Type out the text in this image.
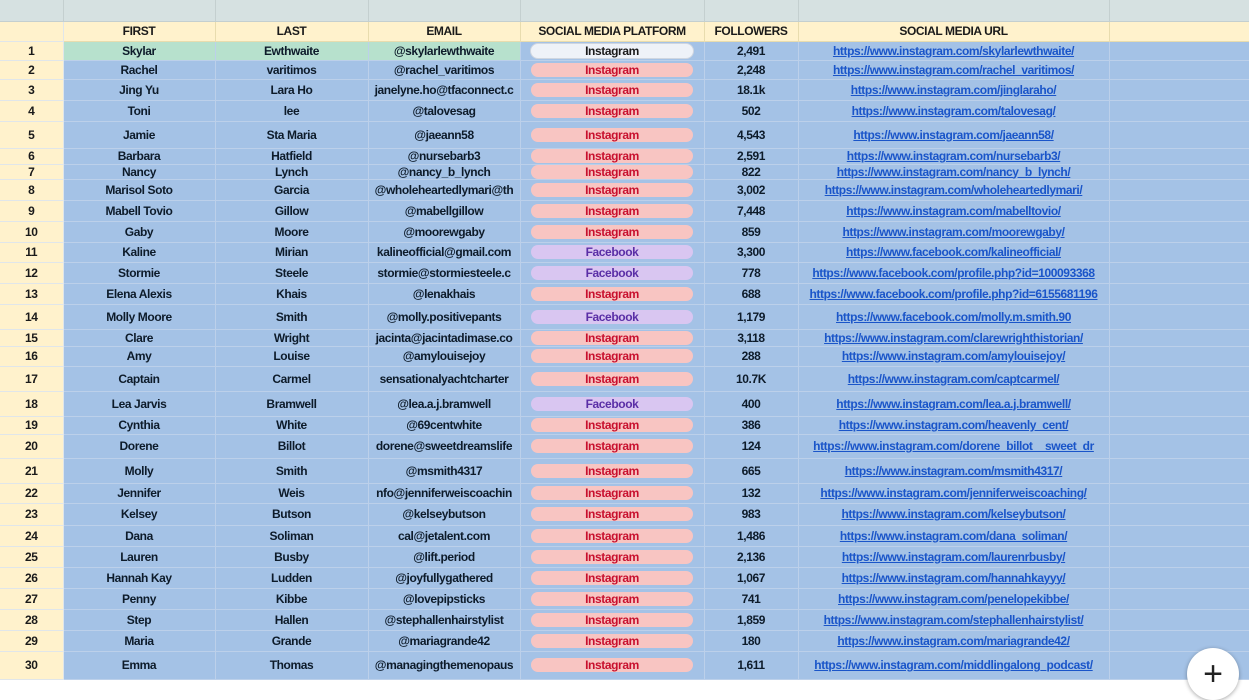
	FIRST	LAST	EMAIL	SOCIAL MEDIA PLATFORM	FOLLOWERS	SOCIAL MEDIA URL	
1	Skylar	Ewthwaite	@skylarlewthwaite	Instagram	2,491	https://www.instagram.com/skylarlewthwaite/	
2	Rachel	varitimos	@rachel_varitimos	Instagram	2,248	https://www.instagram.com/rachel_varitimos/	
3	Jing Yu	Lara Ho	janelyne.ho@tfaconnect.c	Instagram	18.1k	https://www.instagram.com/jinglaraho/	
4	Toni	lee	@talovesag	Instagram	502	https://www.instagram.com/talovesag/	
5	Jamie	Sta Maria	@jaeann58	Instagram	4,543	https://www.instagram.com/jaeann58/	
6	Barbara	Hatfield	@nursebarb3	Instagram	2,591	https://www.instagram.com/nursebarb3/	
7	Nancy	Lynch	@nancy_b_lynch	Instagram	822	https://www.instagram.com/nancy_b_lynch/	
8	Marisol Soto	Garcia	@wholeheartedlymari@th	Instagram	3,002	https://www.instagram.com/wholeheartedlymari/	
9	Mabell Tovio	Gillow	@mabellgillow	Instagram	7,448	https://www.instagram.com/mabelltovio/	
10	Gaby	Moore	@moorewgaby	Instagram	859	https://www.instagram.com/moorewgaby/	
11	Kaline	Mirian	kalineofficial@gmail.com	Facebook	3,300	https://www.facebook.com/kalineofficial/	
12	Stormie	Steele	stormie@stormiesteele.c	Facebook	778	https://www.facebook.com/profile.php?id=100093368	
13	Elena Alexis	Khais	@lenakhais	Instagram	688	https://www.facebook.com/profile.php?id=6155681196	
14	Molly Moore	Smith	@molly.positivepants	Facebook	1,179	https://www.facebook.com/molly.m.smith.90	
15	Clare	Wright	jacinta@jacintadimase.co	Instagram	3,118	https://www.instagram.com/clarewrighthistorian/	
16	Amy	Louise	@amylouisejoy	Instagram	288	https://www.instagram.com/amylouisejoy/	
17	Captain	Carmel	sensationalyachtcharter	Instagram	10.7K	https://www.instagram.com/captcarmel/	
18	Lea Jarvis	Bramwell	@lea.a.j.bramwell	Facebook	400	https://www.instagram.com/lea.a.j.bramwell/	
19	Cynthia	White	@69centwhite	Instagram	386	https://www.instagram.com/heavenly_cent/	
20	Dorene	Billot	dorene@sweetdreamslife	Instagram	124	https://www.instagram.com/dorene_billot__sweet_dr	
21	Molly	Smith	@msmith4317	Instagram	665	https://www.instagram.com/msmith4317/	
22	Jennifer	Weis	nfo@jenniferweiscoachin	Instagram	132	https://www.instagram.com/jenniferweiscoaching/	
23	Kelsey	Butson	@kelseybutson	Instagram	983	https://www.instagram.com/kelseybutson/	
24	Dana	Soliman	cal@jetalent.com	Instagram	1,486	https://www.instagram.com/dana_soliman/	
25	Lauren	Busby	@lift.period	Instagram	2,136	https://www.instagram.com/laurenrbusby/	
26	Hannah Kay	Ludden	@joyfullygathered	Instagram	1,067	https://www.instagram.com/hannahkayyy/	
27	Penny	Kibbe	@lovepipsticks	Instagram	741	https://www.instagram.com/penelopekibbe/	
28	Step	Hallen	@stephallenhairstylist	Instagram	1,859	https://www.instagram.com/stephallenhairstylist/	
29	Maria	Grande	@mariagrande42	Instagram	180	https://www.instagram.com/mariagrande42/	
30	Emma	Thomas	@managingthemenopaus	Instagram	1,611	https://www.instagram.com/middlingalong_podcast/		+
